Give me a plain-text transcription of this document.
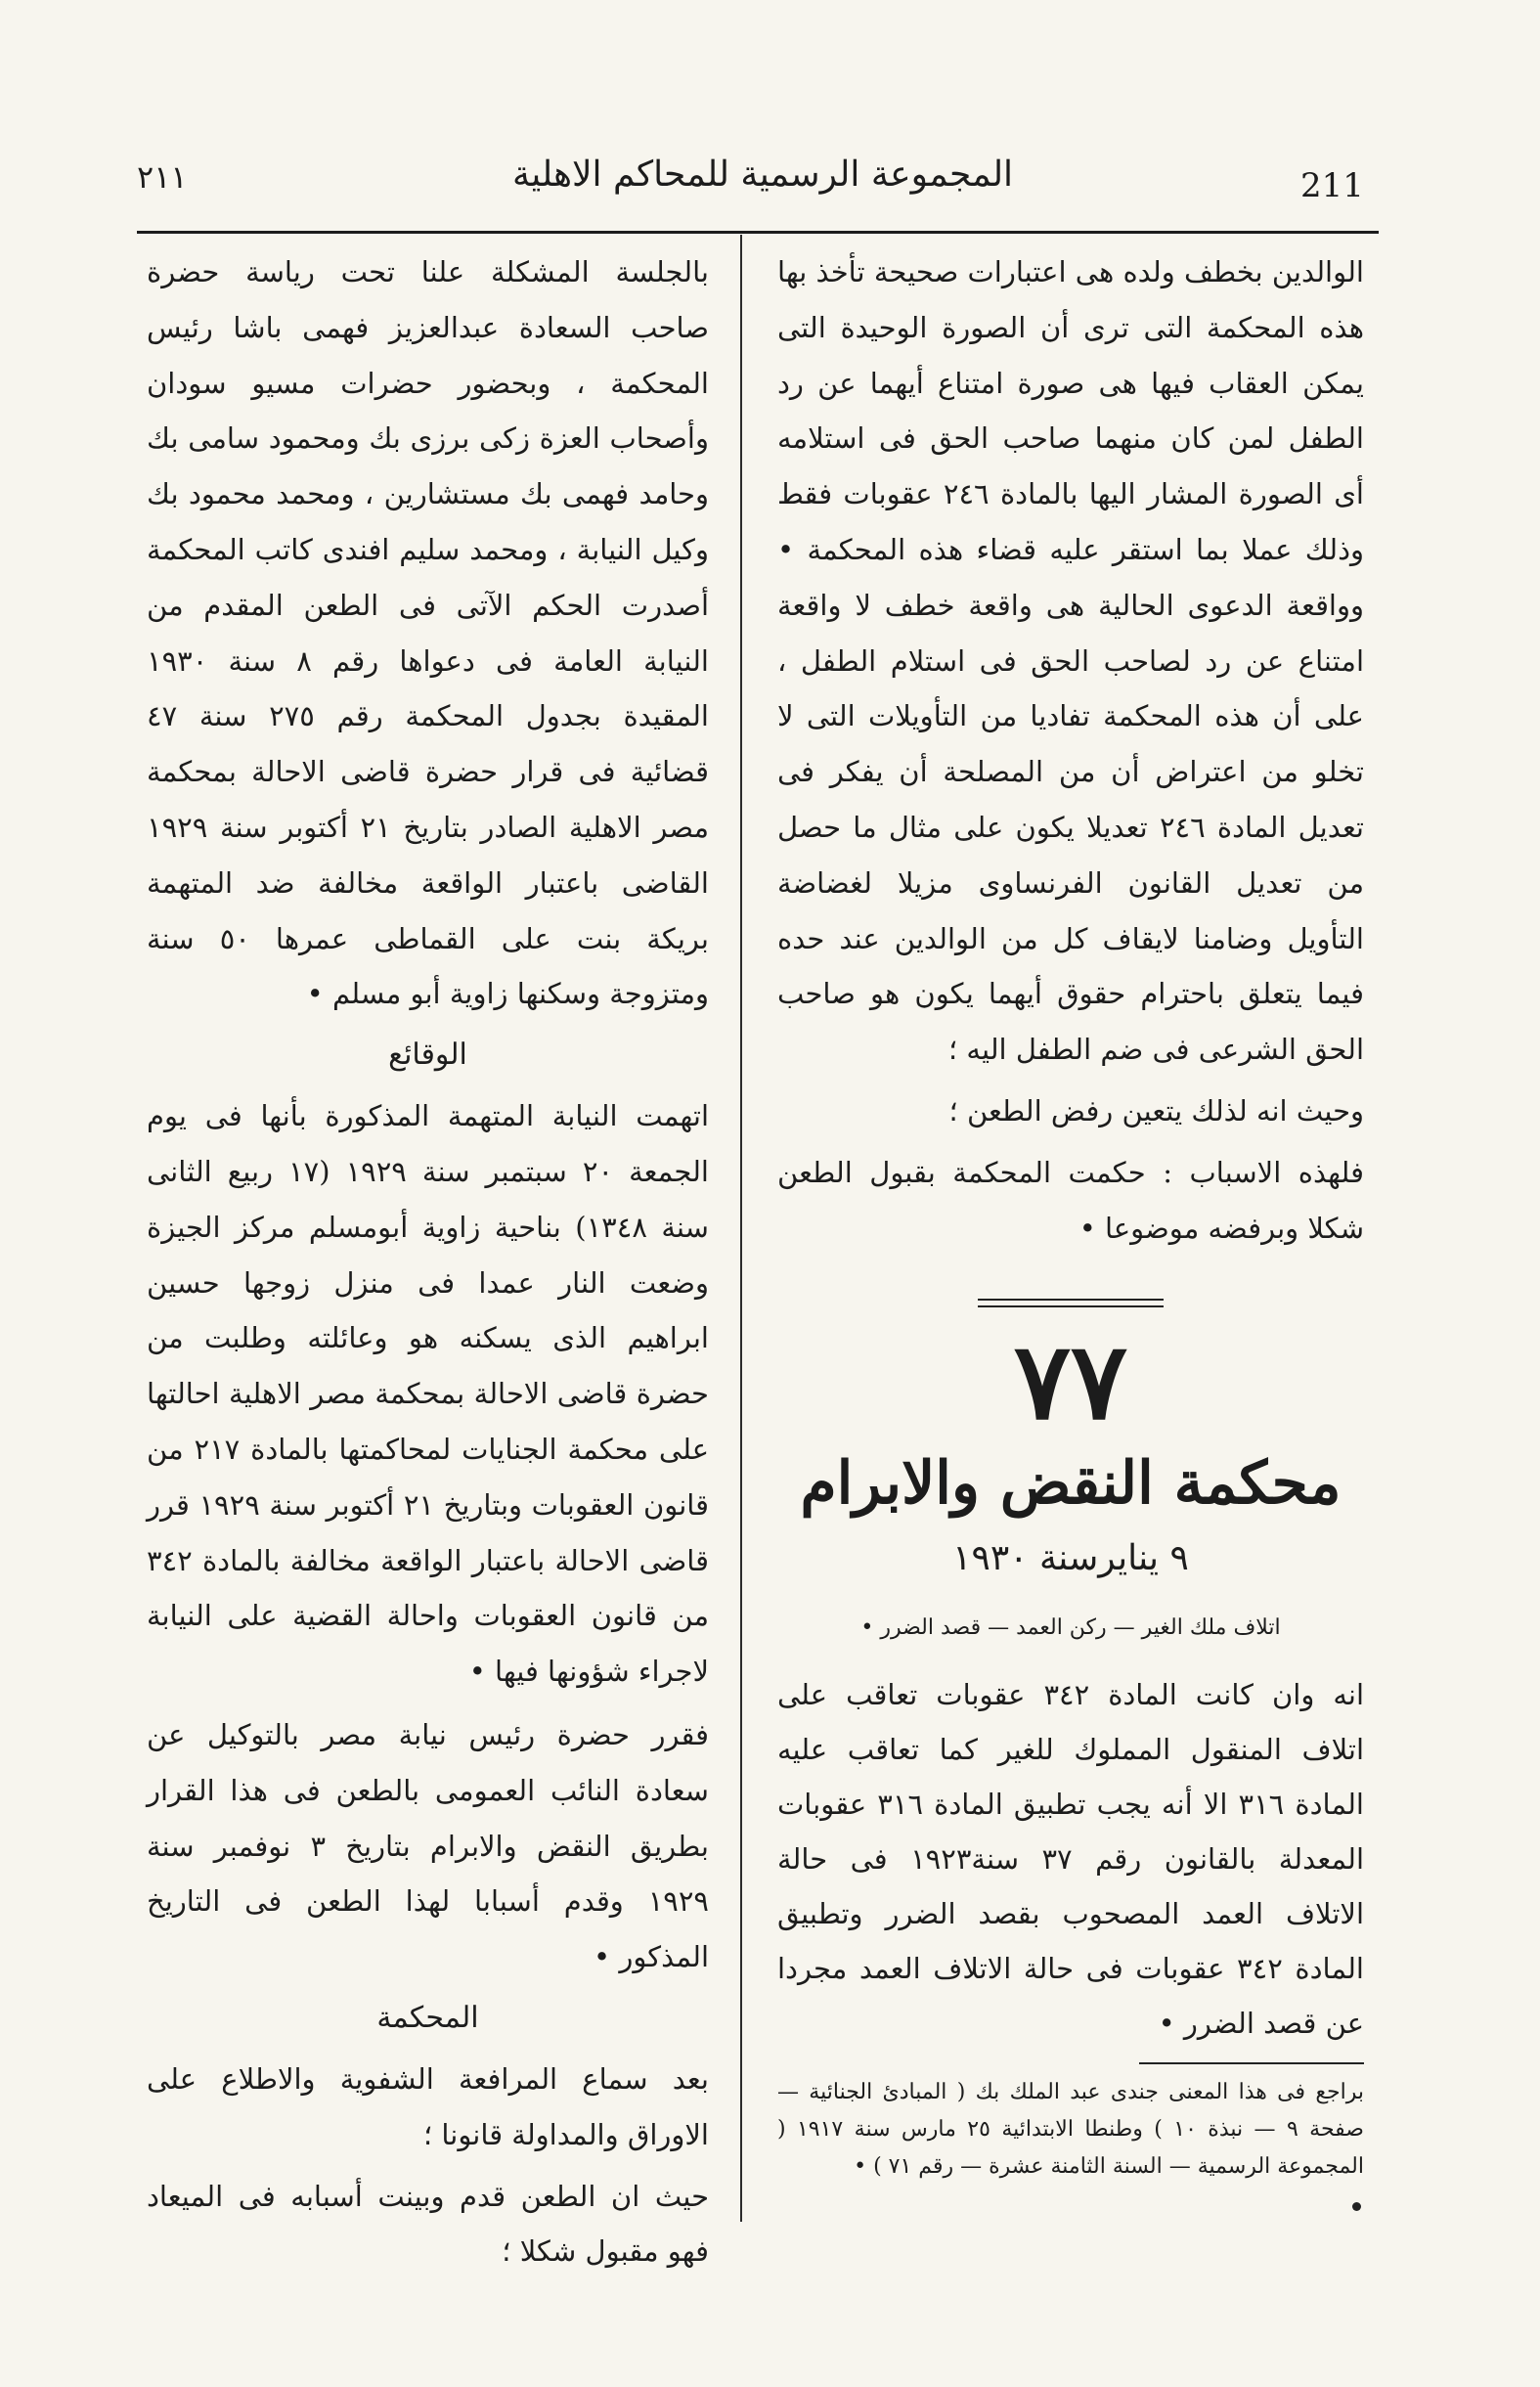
٢١١	المجموعة الرسمية للمحاكم الاهلية	211

الوالدين بخطف ولده هى اعتبارات صحيحة تأخذ بها هذه المحكمة التى ترى أن الصورة الوحيدة التى يمكن العقاب فيها هى صورة امتناع أيهما عن رد الطفل لمن كان منهما صاحب الحق فى استلامه أى الصورة المشار اليها بالمادة ٢٤٦ عقوبات فقط وذلك عملا بما استقر عليه قضاء هذه المحكمة • وواقعة الدعوى الحالية هى واقعة خطف لا واقعة امتناع عن رد لصاحب الحق فى استلام الطفل ، على أن هذه المحكمة تفاديا من التأويلات التى لا تخلو من اعتراض أن من المصلحة أن يفكر فى تعديل المادة ٢٤٦ تعديلا يكون على مثال ما حصل من تعديل القانون الفرنساوى مزيلا لغضاضة التأويل وضامنا لايقاف كل من الوالدين عند حده فيما يتعلق باحترام حقوق أيهما يكون هو صاحب الحق الشرعى فى ضم الطفل اليه ؛

وحيث انه لذلك يتعين رفض الطعن ؛

فلهذه الاسباب : حكمت المحكمة بقبول الطعن شكلا وبرفضه موضوعا •

٧٧

محكمة النقض والابرام

٩ ينايرسنة ١٩٣٠

اتلاف ملك الغير — ركن العمد — قصد الضرر •

انه وان كانت المادة ٣٤٢ عقوبات تعاقب على اتلاف المنقول المملوك للغير كما تعاقب عليه المادة ٣١٦ الا أنه يجب تطبيق المادة ٣١٦ عقوبات المعدلة بالقانون رقم ٣٧ سنة١٩٢٣ فى حالة الاتلاف العمد المصحوب بقصد الضرر وتطبيق المادة ٣٤٢ عقوبات فى حالة الاتلاف العمد مجردا عن قصد الضرر •

براجع فى هذا المعنى جندى عبد الملك بك ( المبادئ الجنائية — صفحة ٩ — نبذة ١٠ ) وطنطا الابتدائية ٢٥ مارس سنة ١٩١٧ ( المجموعة الرسمية — السنة الثامنة عشرة — رقم ٧١ ) •

بالجلسة المشكلة علنا تحت رياسة حضرة صاحب السعادة عبدالعزيز فهمى باشا رئيس المحكمة ، وبحضور حضرات مسيو سودان وأصحاب العزة زكى برزى بك ومحمود سامى بك وحامد فهمى بك مستشارين ، ومحمد محمود بك وكيل النيابة ، ومحمد سليم افندى كاتب المحكمة أصدرت الحكم الآتى فى الطعن المقدم من النيابة العامة فى دعواها رقم ٨ سنة ١٩٣٠ المقيدة بجدول المحكمة رقم ٢٧٥ سنة ٤٧ قضائية فى قرار حضرة قاضى الاحالة بمحكمة مصر الاهلية الصادر بتاريخ ٢١ أكتوبر سنة ١٩٢٩ القاضى باعتبار الواقعة مخالفة ضد المتهمة بريكة بنت على القماطى عمرها ٥٠ سنة ومتزوجة وسكنها زاوية أبو مسلم •

الوقائع

اتهمت النيابة المتهمة المذكورة بأنها فى يوم الجمعة ٢٠ سبتمبر سنة ١٩٢٩ (١٧ ربيع الثانى سنة ١٣٤٨) بناحية زاوية أبومسلم مركز الجيزة وضعت النار عمدا فى منزل زوجها حسين ابراهيم الذى يسكنه هو وعائلته وطلبت من حضرة قاضى الاحالة بمحكمة مصر الاهلية احالتها على محكمة الجنايات لمحاكمتها بالمادة ٢١٧ من قانون العقوبات وبتاريخ ٢١ أكتوبر سنة ١٩٢٩ قرر قاضى الاحالة باعتبار الواقعة مخالفة بالمادة ٣٤٢ من قانون العقوبات واحالة القضية على النيابة لاجراء شؤونها فيها •

فقرر حضرة رئيس نيابة مصر بالتوكيل عن سعادة النائب العمومى بالطعن فى هذا القرار بطريق النقض والابرام بتاريخ ٣ نوفمبر سنة ١٩٢٩ وقدم أسبابا لهذا الطعن فى التاريخ المذكور •

المحكمة

بعد سماع المرافعة الشفوية والاطلاع على الاوراق والمداولة قانونا ؛

حيث ان الطعن قدم وبينت أسبابه فى الميعاد فهو مقبول شكلا ؛
